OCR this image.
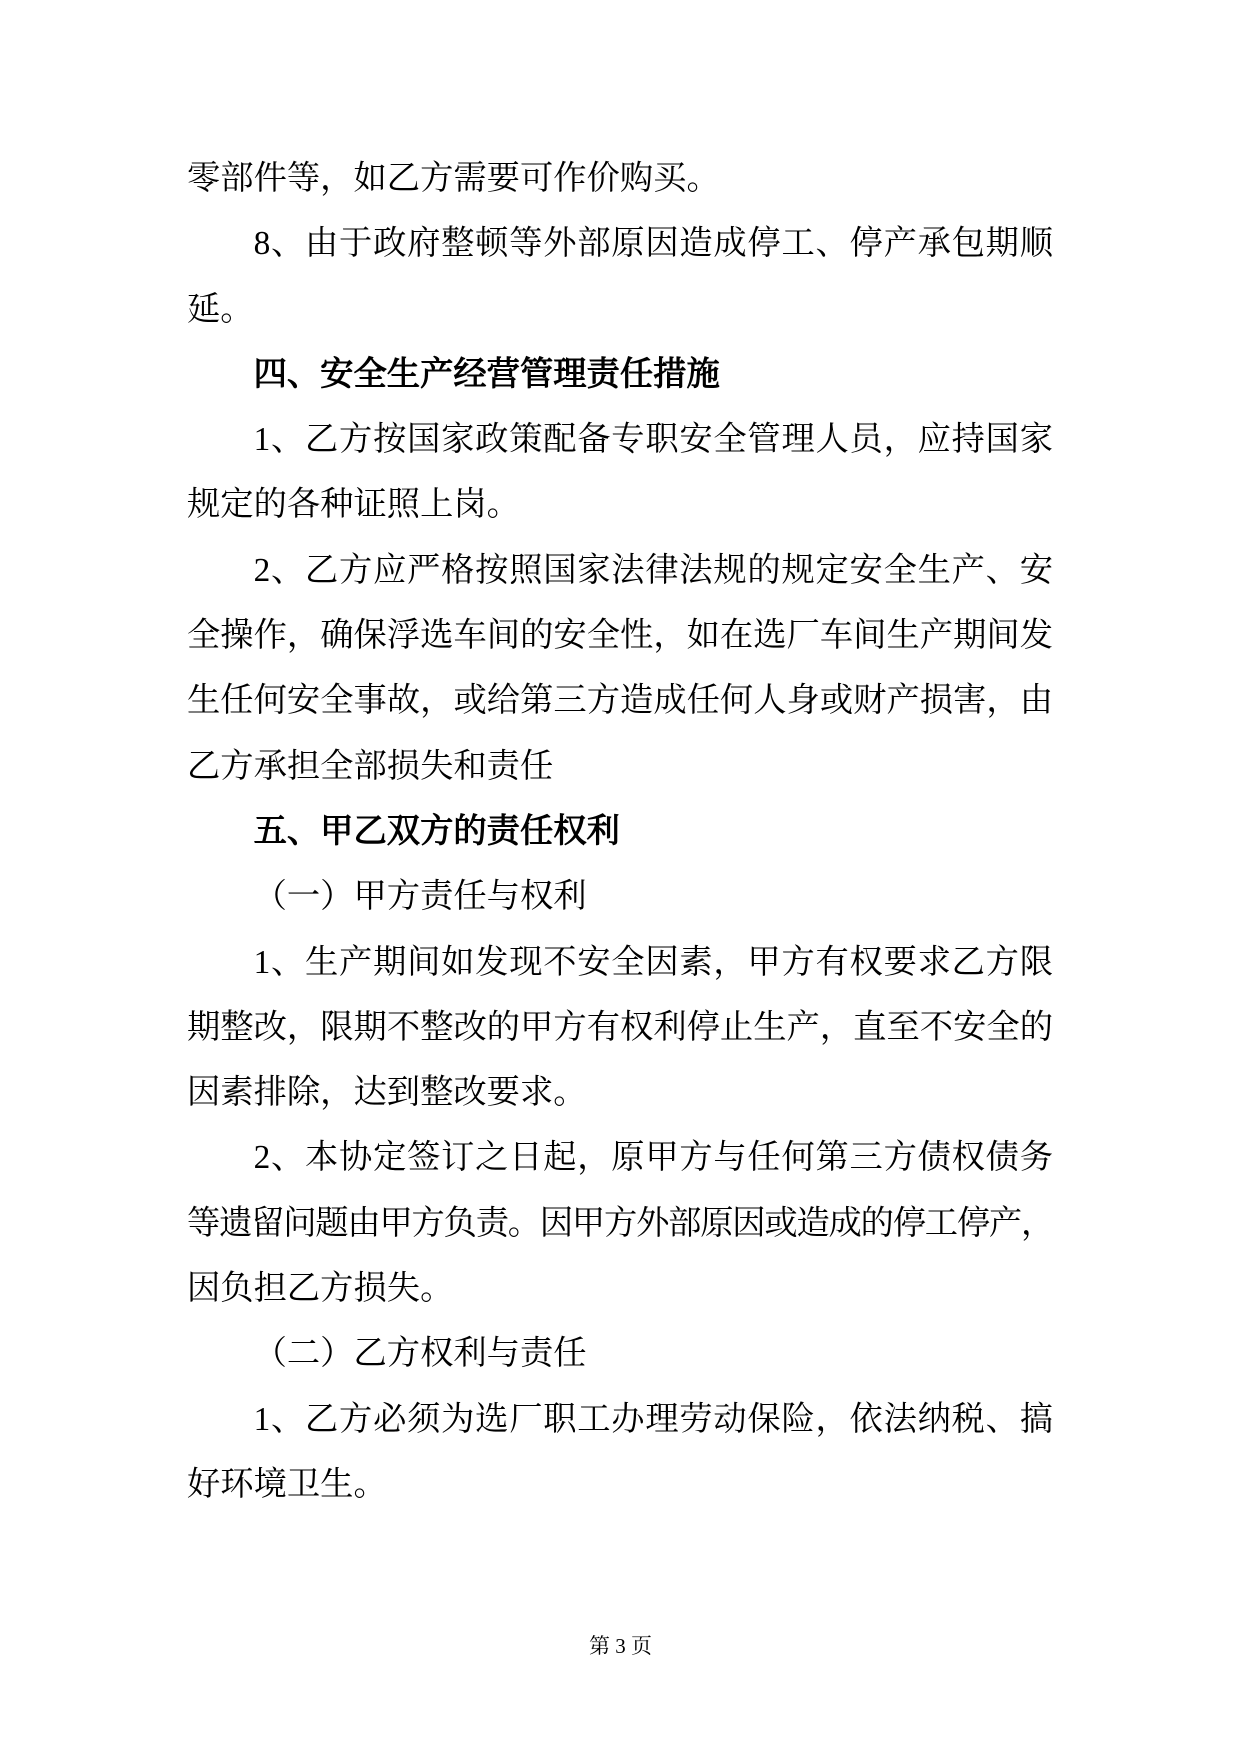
零部件等，如乙方需要可作价购买。
8、由于政府整顿等外部原因造成停工、停产承包期顺
延。
四、安全生产经营管理责任措施
1、乙方按国家政策配备专职安全管理人员，应持国家
规定的各种证照上岗。
2、乙方应严格按照国家法律法规的规定安全生产、安
全操作，确保浮选车间的安全性，如在选厂车间生产期间发
生任何安全事故，或给第三方造成任何人身或财产损害，由
乙方承担全部损失和责任
五、甲乙双方的责任权利
（一）甲方责任与权利
1、生产期间如发现不安全因素，甲方有权要求乙方限
期整改，限期不整改的甲方有权利停止生产，直至不安全的
因素排除，达到整改要求。
2、本协定签订之日起，原甲方与任何第三方债权债务
等遗留问题由甲方负责。因甲方外部原因或造成的停工停产，
因负担乙方损失。
（二）乙方权利与责任
1、乙方必须为选厂职工办理劳动保险，依法纳税、搞
好环境卫生。
第 3 页
